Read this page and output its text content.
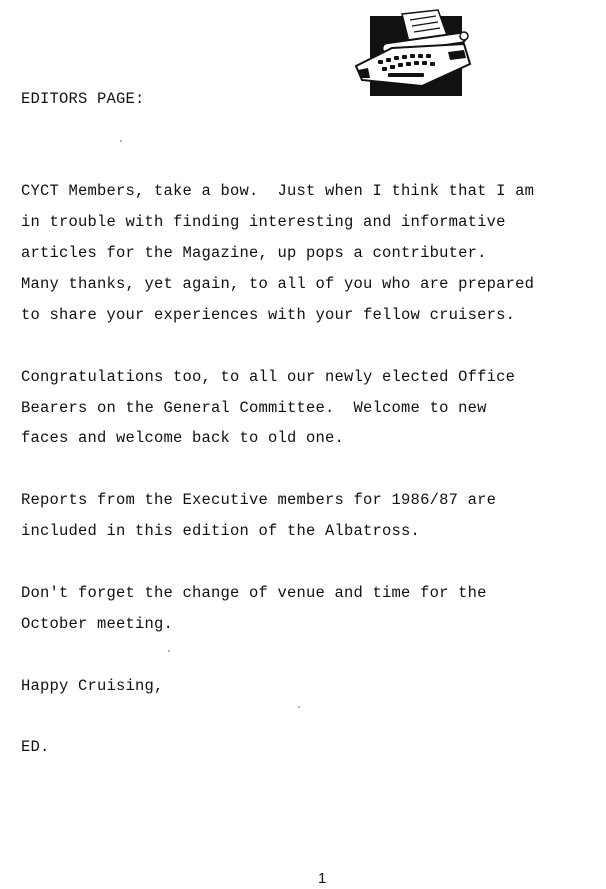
EDITORS PAGE:
CYCT Members, take a bow.  Just when I think that I am
in trouble with finding interesting and informative
articles for the Magazine, up pops a contributer.
Many thanks, yet again, to all of you who are prepared
to share your experiences with your fellow cruisers.
Congratulations too, to all our newly elected Office
Bearers on the General Committee.  Welcome to new
faces and welcome back to old one.
Reports from the Executive members for 1986/87 are
included in this edition of the Albatross.
Don't forget the change of venue and time for the
October meeting.
Happy Cruising,
ED.
1
